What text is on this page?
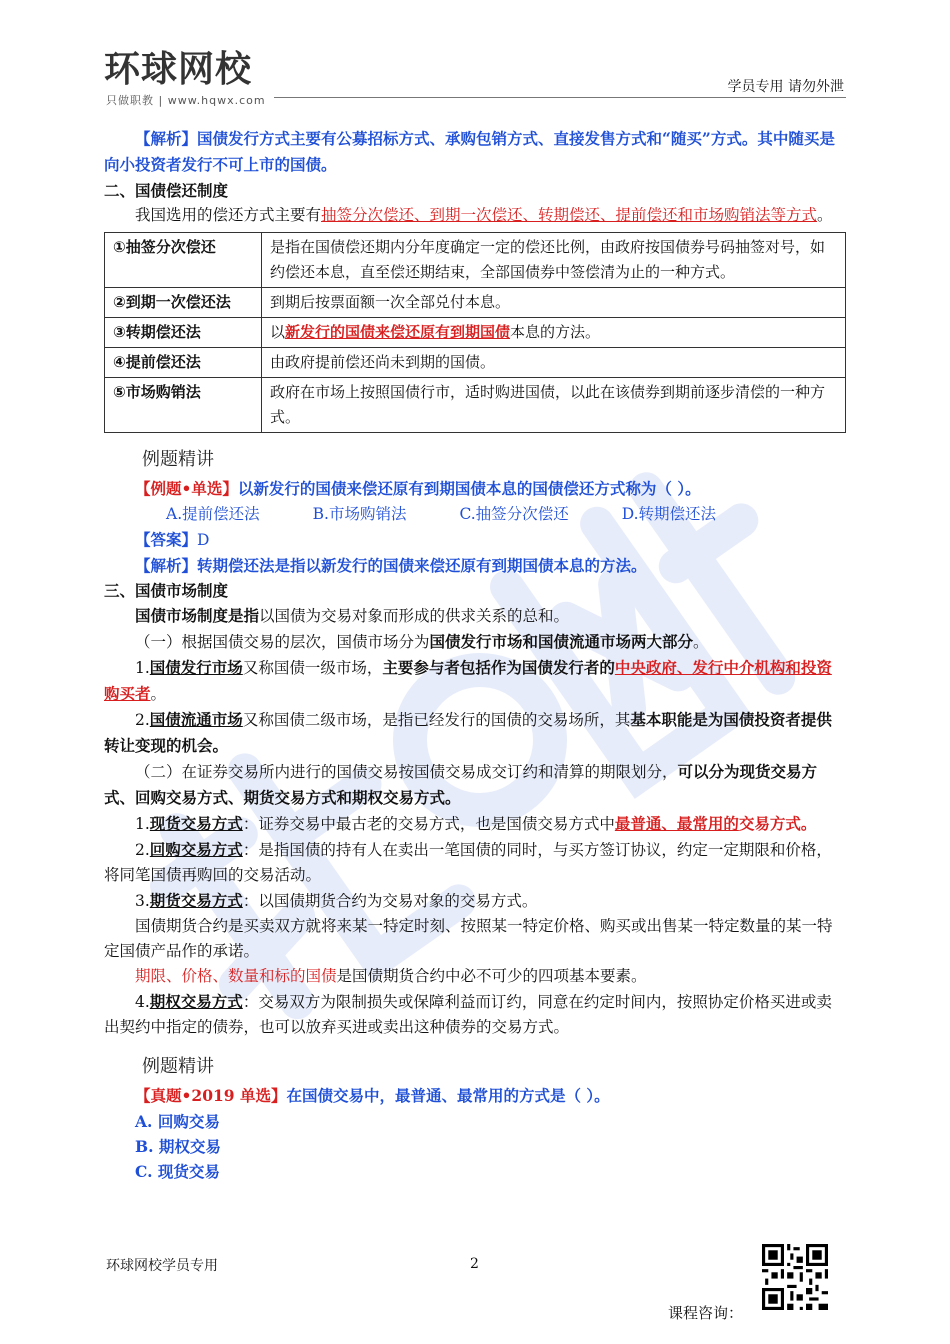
环球网校
只做职教 | www.hqwx.com
学员专用 请勿外泄

【解析】国债发行方式主要有公募招标方式、承购包销方式、直接发售方式和“随买”方式。其中随买是向小投资者发行不可上市的国债。

二、国债偿还制度

我国选用的偿还方式主要有抽签分次偿还、到期一次偿还、转期偿还、提前偿还和市场购销法等方式。

①抽签分次偿还	是指在国债偿还期内分年度确定一定的偿还比例，由政府按国债券号码抽签对号，如约偿还本息，直至偿还期结束，全部国债券中签偿清为止的一种方式。
②到期一次偿还法	到期后按票面额一次全部兑付本息。
③转期偿还法	以新发行的国债来偿还原有到期国债本息的方法。
④提前偿还法	由政府提前偿还尚未到期的国债。
⑤市场购销法	政府在市场上按照国债行市，适时购进国债，以此在该债券到期前逐步清偿的一种方式。
例题精讲

【例题•单选】以新发行的国债来偿还原有到期国债本息的国债偿还方式称为（ ）。

A.提前偿还法	B.市场购销法	C.抽签分次偿还	D.转期偿还法

【答案】D

【解析】转期偿还法是指以新发行的国债来偿还原有到期国债本息的方法。

三、国债市场制度

国债市场制度是指以国债为交易对象而形成的供求关系的总和。

（一）根据国债交易的层次，国债市场分为国债发行市场和国债流通市场两大部分。

1.国债发行市场又称国债一级市场，主要参与者包括作为国债发行者的中央政府、发行中介机构和投资购买者。

2.国债流通市场又称国债二级市场，是指已经发行的国债的交易场所，其基本职能是为国债投资者提供转让变现的机会。

（二）在证券交易所内进行的国债交易按国债交易成交订约和清算的期限划分，可以分为现货交易方式、回购交易方式、期货交易方式和期权交易方式。

1.现货交易方式：证券交易中最古老的交易方式，也是国债交易方式中最普通、最常用的交易方式。

2.回购交易方式：是指国债的持有人在卖出一笔国债的同时，与买方签订协议，约定一定期限和价格，将同笔国债再购回的交易活动。

3.期货交易方式：以国债期货合约为交易对象的交易方式。

国债期货合约是买卖双方就将来某一特定时刻、按照某一特定价格、购买或出售某一特定数量的某一特定国债产品作的承诺。

期限、价格、数量和标的国债是国债期货合约中必不可少的四项基本要素。

4.期权交易方式：交易双方为限制损失或保障利益而订约，同意在约定时间内，按照协定价格买进或卖出契约中指定的债券，也可以放弃买进或卖出这种债券的交易方式。

例题精讲

【真题•2019 单选】在国债交易中，最普通、最常用的方式是（ ）。

A. 回购交易

B. 期权交易

C. 现货交易

环球网校学员专用	2
课程咨询：
